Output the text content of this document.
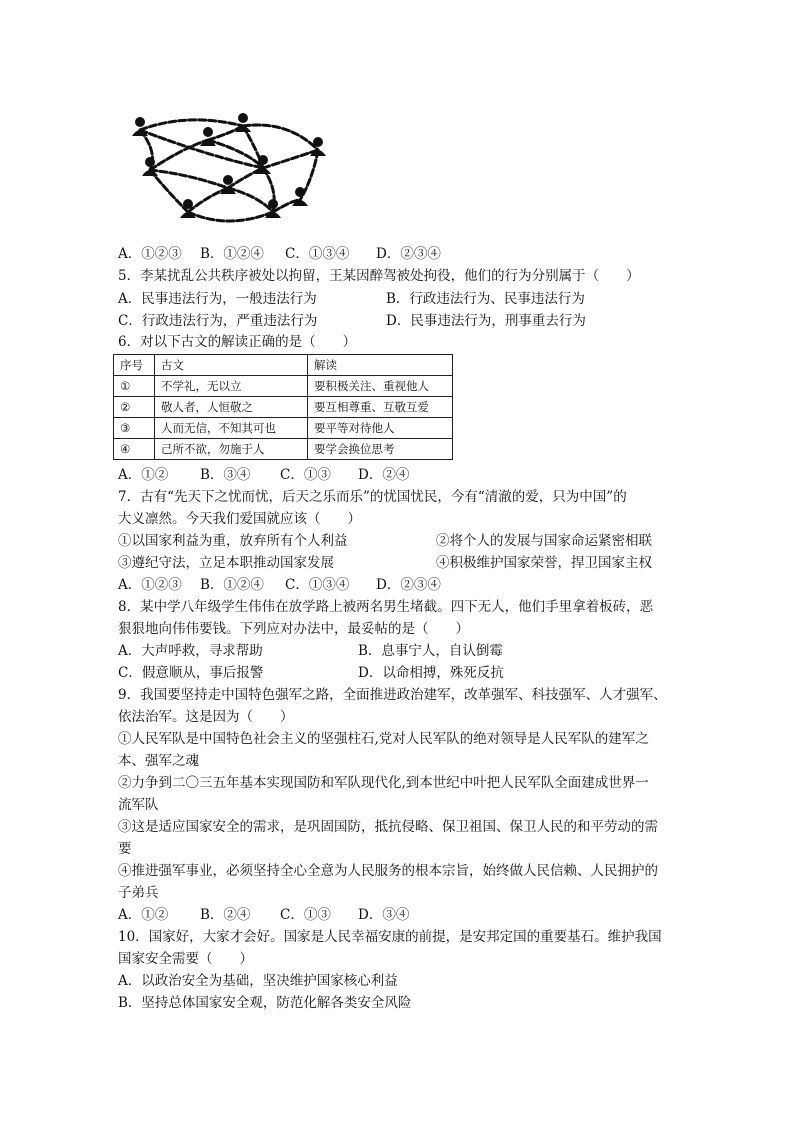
A．①②③ B．①②④ C．①③④ D．②③④
5．李某扰乱公共秩序被处以拘留，王某因醉驾被处拘役，他们的行为分别属于（　　）
A．民事违法行为，一般违法行为	B．行政违法行为、民事违法行为
C．行政违法行为，严重违法行为	D．民事违法行为，刑事重去行为
6．对以下古文的解读正确的是（　　）
序号	古文	解读
①	不学礼，无以立	要积极关注、重视他人
②	敬人者，人恒敬之	要互相尊重、互敬互爱
③	人而无信，不知其可也	要平等对待他人
④	己所不欲，勿施于人	要学会换位思考
A．①② B．③④ C．①③ D．②④
7．古有“先天下之忧而忧，后天之乐而乐”的忧国忧民，今有“清澈的爱，只为中国”的
大义凛然。今天我们爱国就应该（　　）
①以国家利益为重，放弃所有个人利益	②将个人的发展与国家命运紧密相联
③遵纪守法，立足本职推动国家发展	④积极维护国家荣誉，捍卫国家主权
A．①②③ B．①②④ C．①③④ D．②③④
8．某中学八年级学生伟伟在放学路上被两名男生堵截。四下无人，他们手里拿着板砖，恶
狠狠地向伟伟要钱。下列应对办法中，最妥帖的是（　　）
A．大声呼救，寻求帮助	B．息事宁人，自认倒霉
C．假意顺从，事后报警	D．以命相搏，殊死反抗
9．我国要坚持走中国特色强军之路，全面推进政治建军，改革强军、科技强军、人才强军、
依法治军。这是因为（　　）
①人民军队是中国特色社会主义的坚强柱石,党对人民军队的绝对领导是人民军队的建军之
本、强军之魂
②力争到二〇三五年基本实现国防和军队现代化,到本世纪中叶把人民军队全面建成世界一
流军队
③这是适应国家安全的需求，是巩固国防，抵抗侵略、保卫祖国、保卫人民的和平劳动的需
要
④推进强军事业，必须坚持全心全意为人民服务的根本宗旨，始终做人民信赖、人民拥护的
子弟兵
A．①② B．②④ C．①③ D．③④
10．国家好，大家才会好。国家是人民幸福安康的前提，是安邦定国的重要基石。维护我国
国家安全需要（　　）
A．以政治安全为基础，坚决维护国家核心利益
B．坚持总体国家安全观，防范化解各类安全风险
